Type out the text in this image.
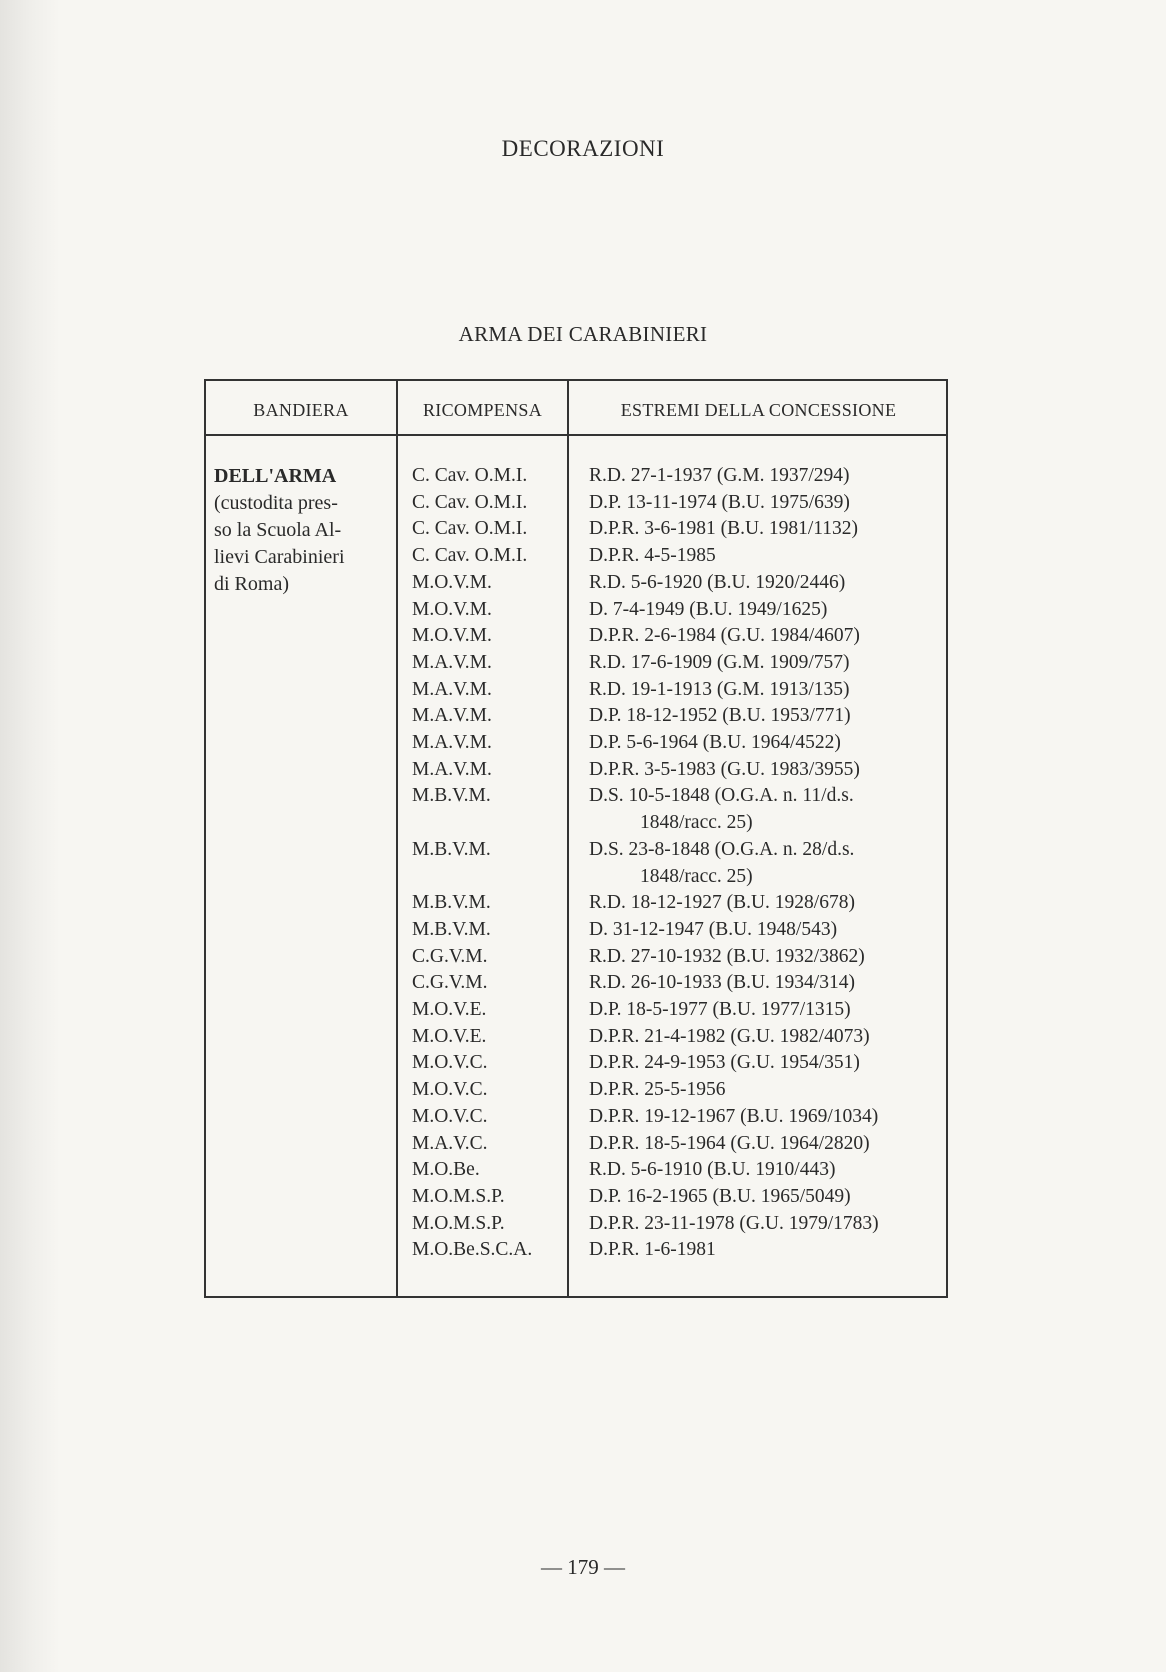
DECORAZIONI
ARMA DEI CARABINIERI
BANDIERA	RICOMPENSA	ESTREMI DELLA CONCESSIONE
DELL'ARMA
(custodita pres-
so la Scuola Al-
lievi Carabinieri
di Roma)
C. Cav. O.M.I.	R.D. 27-1-1937 (G.M. 1937/294)
C. Cav. O.M.I.	D.P. 13-11-1974 (B.U. 1975/639)
C. Cav. O.M.I.	D.P.R. 3-6-1981 (B.U. 1981/1132)
C. Cav. O.M.I.	D.P.R. 4-5-1985
M.O.V.M.	R.D. 5-6-1920 (B.U. 1920/2446)
M.O.V.M.	D. 7-4-1949 (B.U. 1949/1625)
M.O.V.M.	D.P.R. 2-6-1984 (G.U. 1984/4607)
M.A.V.M.	R.D. 17-6-1909 (G.M. 1909/757)
M.A.V.M.	R.D. 19-1-1913 (G.M. 1913/135)
M.A.V.M.	D.P. 18-12-1952 (B.U. 1953/771)
M.A.V.M.	D.P. 5-6-1964 (B.U. 1964/4522)
M.A.V.M.	D.P.R. 3-5-1983 (G.U. 1983/3955)
M.B.V.M.	D.S. 10-5-1848 (O.G.A. n. 11/d.s.
1848/racc. 25)
M.B.V.M.	D.S. 23-8-1848 (O.G.A. n. 28/d.s.
1848/racc. 25)
M.B.V.M.	R.D. 18-12-1927 (B.U. 1928/678)
M.B.V.M.	D. 31-12-1947 (B.U. 1948/543)
C.G.V.M.	R.D. 27-10-1932 (B.U. 1932/3862)
C.G.V.M.	R.D. 26-10-1933 (B.U. 1934/314)
M.O.V.E.	D.P. 18-5-1977 (B.U. 1977/1315)
M.O.V.E.	D.P.R. 21-4-1982 (G.U. 1982/4073)
M.O.V.C.	D.P.R. 24-9-1953 (G.U. 1954/351)
M.O.V.C.	D.P.R. 25-5-1956
M.O.V.C.	D.P.R. 19-12-1967 (B.U. 1969/1034)
M.A.V.C.	D.P.R. 18-5-1964 (G.U. 1964/2820)
M.O.Be.	R.D. 5-6-1910 (B.U. 1910/443)
M.O.M.S.P.	D.P. 16-2-1965 (B.U. 1965/5049)
M.O.M.S.P.	D.P.R. 23-11-1978 (G.U. 1979/1783)
M.O.Be.S.C.A.	D.P.R. 1-6-1981
— 179 —
